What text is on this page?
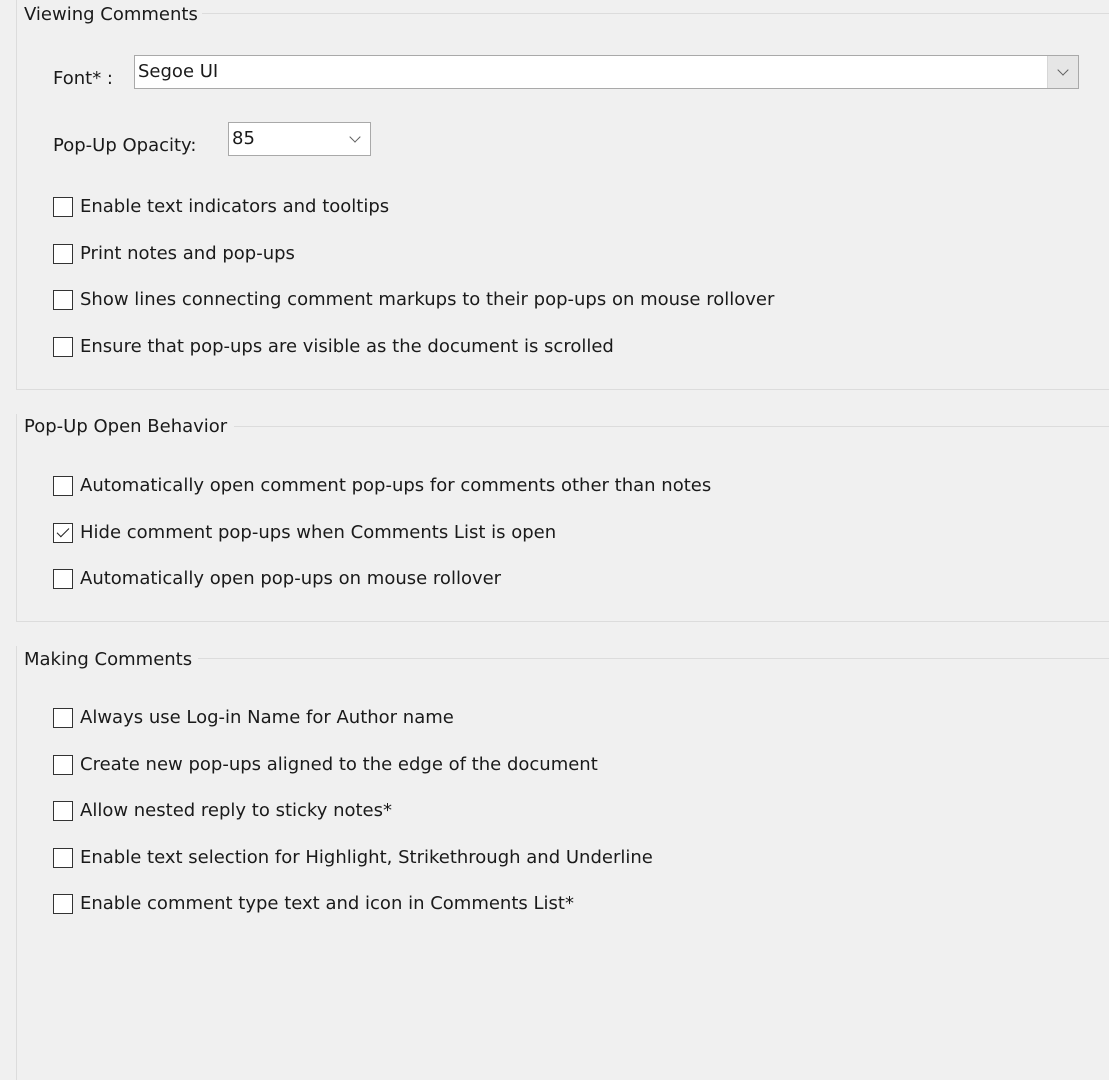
Viewing Comments
Font* : Segoe UI
Pop-Up Opacity: 85
Enable text indicators and tooltips
Print notes and pop-ups
Show lines connecting comment markups to their pop-ups on mouse rollover
Ensure that pop-ups are visible as the document is scrolled
Pop-Up Open Behavior
Automatically open comment pop-ups for comments other than notes
Hide comment pop-ups when Comments List is open
Automatically open pop-ups on mouse rollover
Making Comments
Always use Log-in Name for Author name
Create new pop-ups aligned to the edge of the document
Allow nested reply to sticky notes*
Enable text selection for Highlight, Strikethrough and Underline
Enable comment type text and icon in Comments List*
